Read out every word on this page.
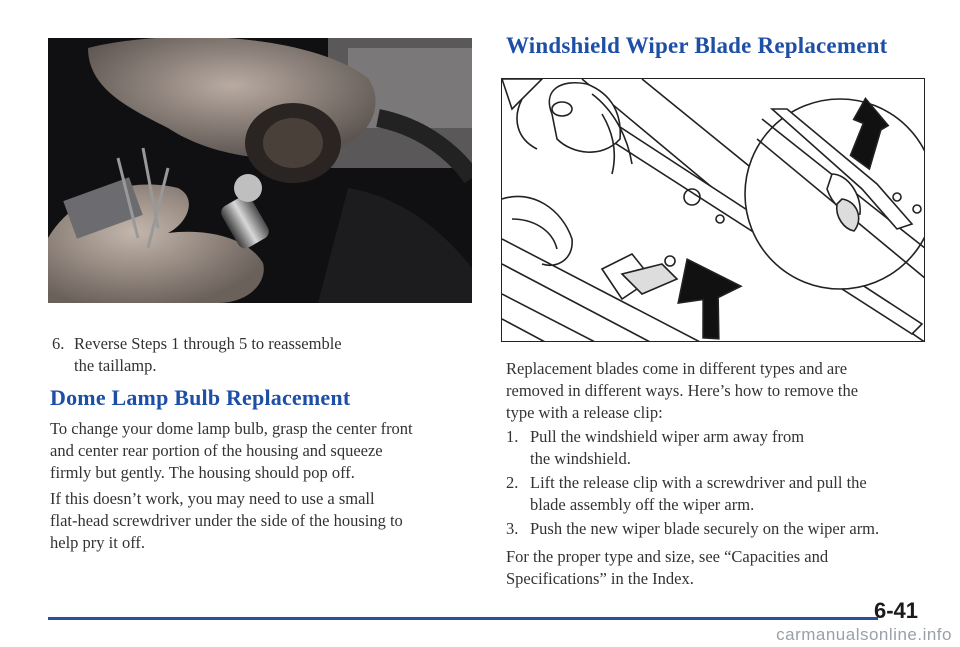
6. Reverse Steps 1 through 5 to reassemble
the taillamp.
Dome Lamp Bulb Replacement
To change your dome lamp bulb, grasp the center front
and center rear portion of the housing and squeeze
firmly but gently. The housing should pop off.
If this doesn’t work, you may need to use a small
flat-head screwdriver under the side of the housing to
help pry it off.
Windshield Wiper Blade Replacement
Replacement blades come in different types and are
removed in different ways. Here’s how to remove the
type with a release clip:
1. Pull the windshield wiper arm away from
the windshield.
2. Lift the release clip with a screwdriver and pull the
blade assembly off the wiper arm.
3. Push the new wiper blade securely on the wiper arm.
For the proper type and size, see “Capacities and
Specifications” in the Index.
6-41
carmanualsonline.info
